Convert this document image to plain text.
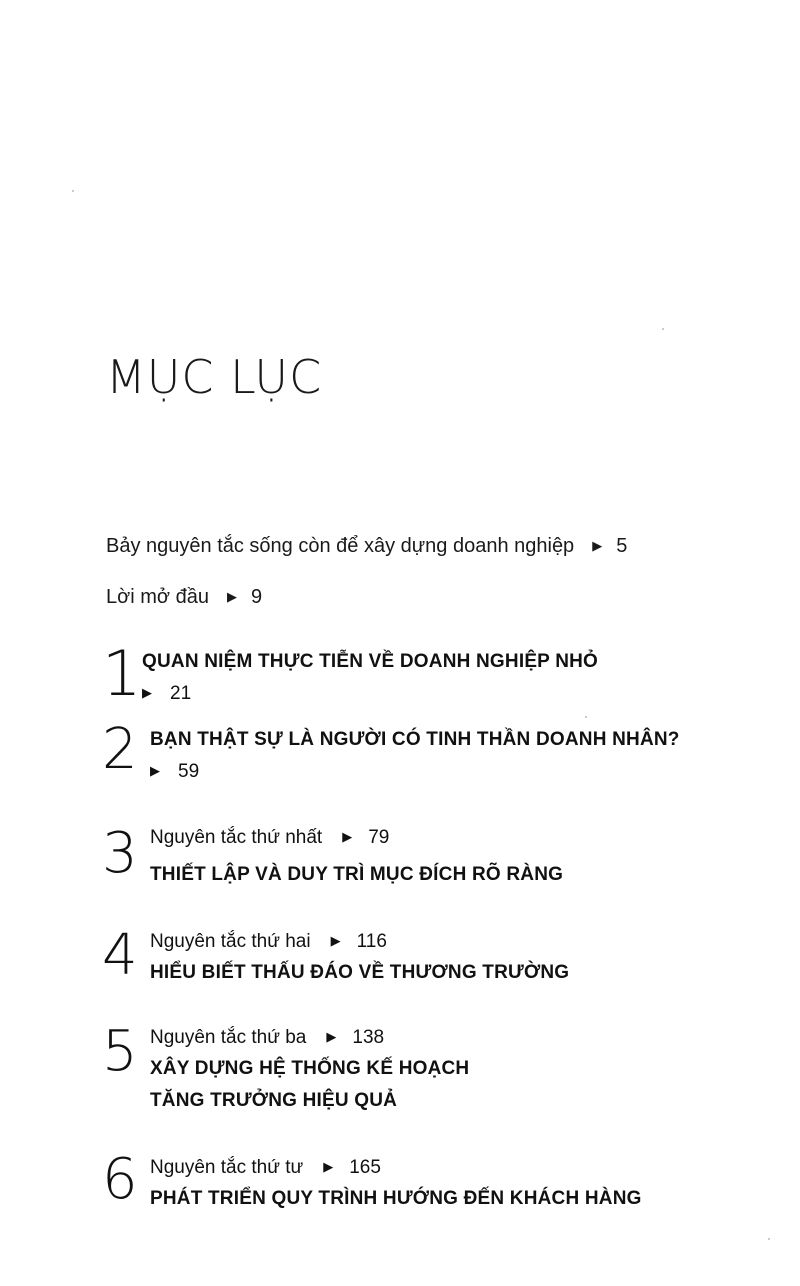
MỤC LỤC
Bảy nguyên tắc sống còn để xây dựng doanh nghiệp ▶ 5
Lời mở đầu ▶ 9
1 QUAN NIỆM THỰC TIỄN VỀ DOANH NGHIỆP NHỎ
▶ 21
2 BẠN THẬT SỰ LÀ NGƯỜI CÓ TINH THẦN DOANH NHÂN?
▶ 59
3 Nguyên tắc thứ nhất ▶ 79
THIẾT LẬP VÀ DUY TRÌ MỤC ĐÍCH RÕ RÀNG
4 Nguyên tắc thứ hai ▶ 116
HIỂU BIẾT THẤU ĐÁO VỀ THƯƠNG TRƯỜNG
5 Nguyên tắc thứ ba ▶ 138
XÂY DỰNG HỆ THỐNG KẾ HOẠCH
TĂNG TRƯỞNG HIỆU QUẢ
6 Nguyên tắc thứ tư ▶ 165
PHÁT TRIỂN QUY TRÌNH HƯỚNG ĐẾN KHÁCH HÀNG
